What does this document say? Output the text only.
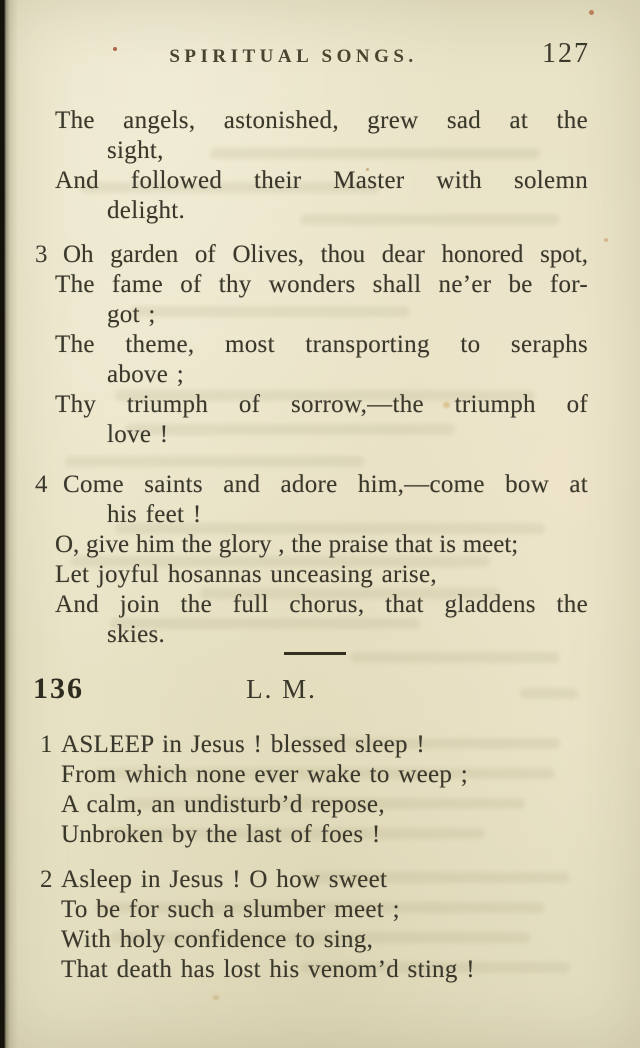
SPIRITUAL SONGS.	127
The angels, astonished, grew sad at the
sight,
And followed their Master with solemn
delight.
3 Oh garden of Olives, thou dear honored spot,
The fame of thy wonders shall ne’er be for-
got ;
The theme, most transporting to seraphs
above ;
Thy triumph of sorrow,—the triumph of
love !
4 Come saints and adore him,—come bow at
his feet !
O, give him the glory , the praise that is meet;
Let joyful hosannas unceasing arise,
And join the full chorus, that gladdens the
skies.
136	L. M.
1 ASLEEP in Jesus ! blessed sleep !
From which none ever wake to weep ;
A calm, an undisturb’d repose,
Unbroken by the last of foes !
2 Asleep in Jesus ! O how sweet
To be for such a slumber meet ;
With holy confidence to sing,
That death has lost his venom’d sting !
